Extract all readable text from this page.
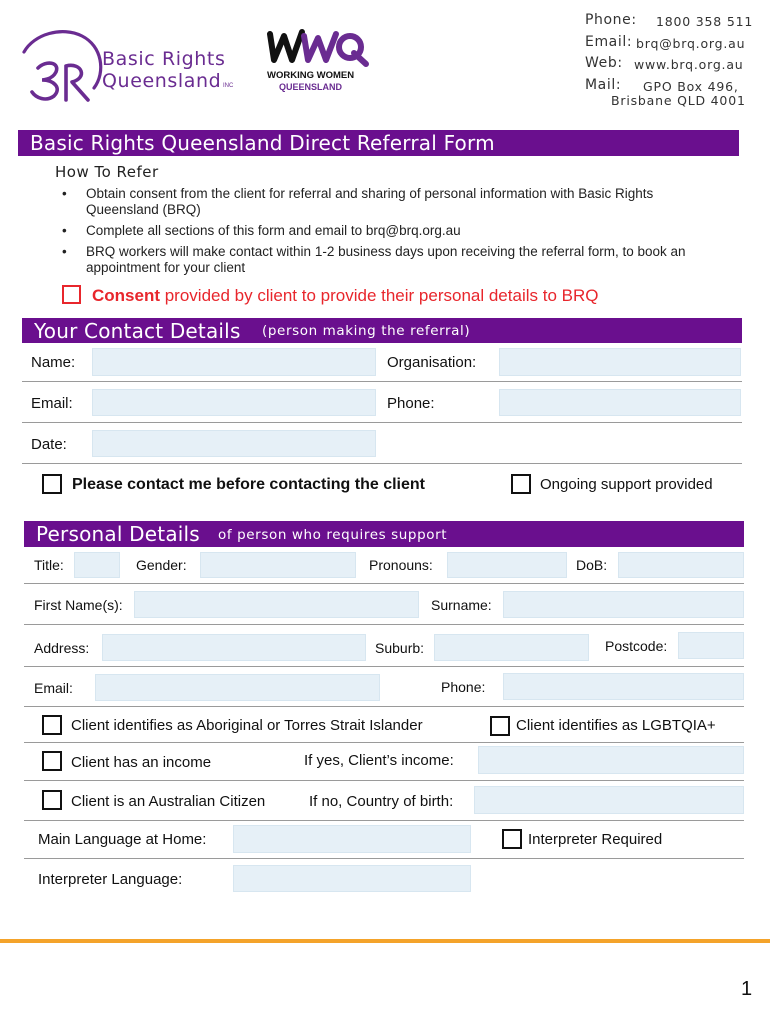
Basic Rights
Queensland INC
WORKING WOMEN
QUEENSLAND
Phone: 1800 358 511
Email: brq@brq.org.au
Web: www.brq.org.au
Mail: GPO Box 496,
Brisbane QLD 4001
Basic Rights Queensland Direct Referral Form
How To Refer
• Obtain consent from the client for referral and sharing of personal information with Basic Rights Queensland (BRQ)
• Complete all sections of this form and email to brq@brq.org.au
• BRQ workers will make contact within 1-2 business days upon receiving the referral form, to book an appointment for your client
Consent provided by client to provide their personal details to BRQ
Your Contact Details (person making the referral)
Name:	Organisation:
Email:	Phone:
Date:
Please contact me before contacting the client	Ongoing support provided
Personal Details of person who requires support
Title:	Gender:	Pronouns:	DoB:
First Name(s):	Surname:
Address:	Suburb:	Postcode:
Email:	Phone:
Client identifies as Aboriginal or Torres Strait Islander	Client identifies as LGBTQIA+
Client has an income	If yes, Client’s income:
Client is an Australian Citizen	If no, Country of birth:
Main Language at Home:	Interpreter Required
Interpreter Language:
1
